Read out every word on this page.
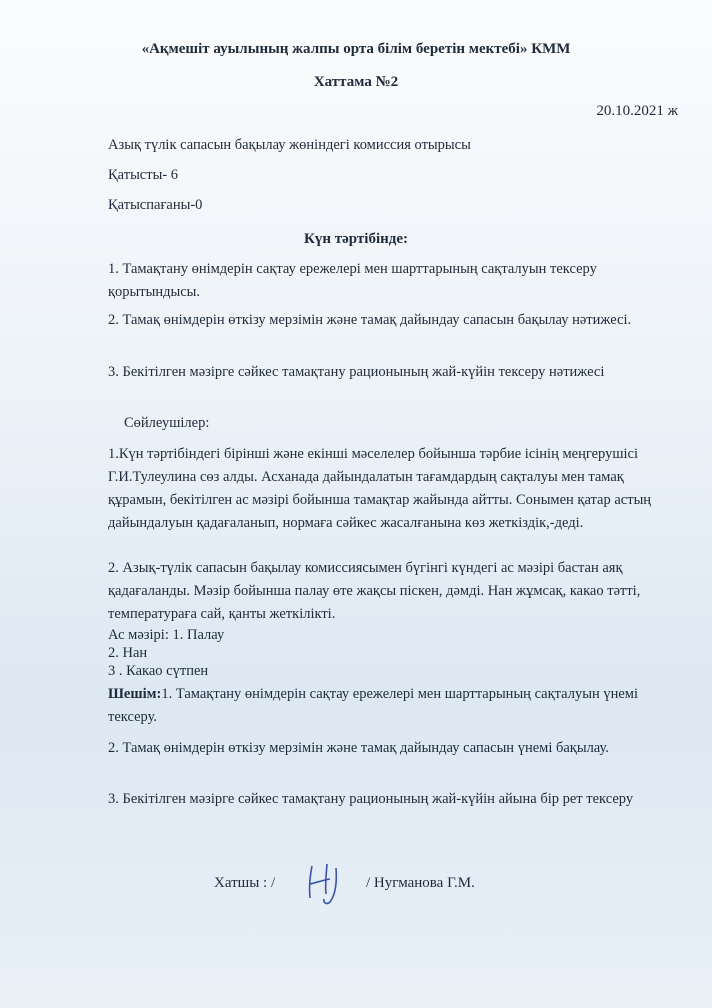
«Ақмешіт ауылының жалпы орта білім беретін мектебі» КММ

Хаттама №2

20.10.2021 ж

Азық түлік сапасын бақылау жөніндегі комиссия отырысы

Қатысты- 6

Қатыспағаны-0

Күн тәртібінде:

1. Тамақтану өнімдерін сақтау ережелері мен шарттарының сақталуын тексеру қорытындысы.

2. Тамақ өнімдерін өткізу мерзімін және тамақ дайындау сапасын бақылау нәтижесі.

3. Бекітілген мәзірге сәйкес тамақтану рационының жай-күйін тексеру нәтижесі

Сөйлеушілер:

1.Күн тәртібіндегі бірінші және екінші мәселелер бойынша тәрбие ісінің меңгерушісі Г.И.Тулеулина сөз алды. Асханада дайындалатын тағамдардың сақталуы мен тамақ құрамын, бекітілген ас мәзірі бойынша тамақтар жайында айтты. Сонымен қатар астың дайындалуын қадағаланып, нормаға сәйкес жасалғанына көз жеткіздік,-деді.

2. Азық-түлік сапасын бақылау комиссиясымен бүгінгі күндегі ас мәзірі бастан аяқ қадағаланды. Мәзір бойынша палау өте жақсы піскен, дәмді. Нан жұмсақ, какао тәтті, температураға сай, қанты жеткілікті.

Ас мәзірі: 1. Палау

2. Нан

3 . Какао сүтпен

Шешім:1. Тамақтану өнімдерін сақтау ережелері мен шарттарының сақталуын үнемі тексеру.

2. Тамақ өнімдерін өткізу мерзімін және тамақ дайындау сапасын үнемі бақылау.

3. Бекітілген мәзірге сәйкес тамақтану рационының жай-күйін айына бір рет тексеру

Хатшы : /	/ Нугманова Г.М.
